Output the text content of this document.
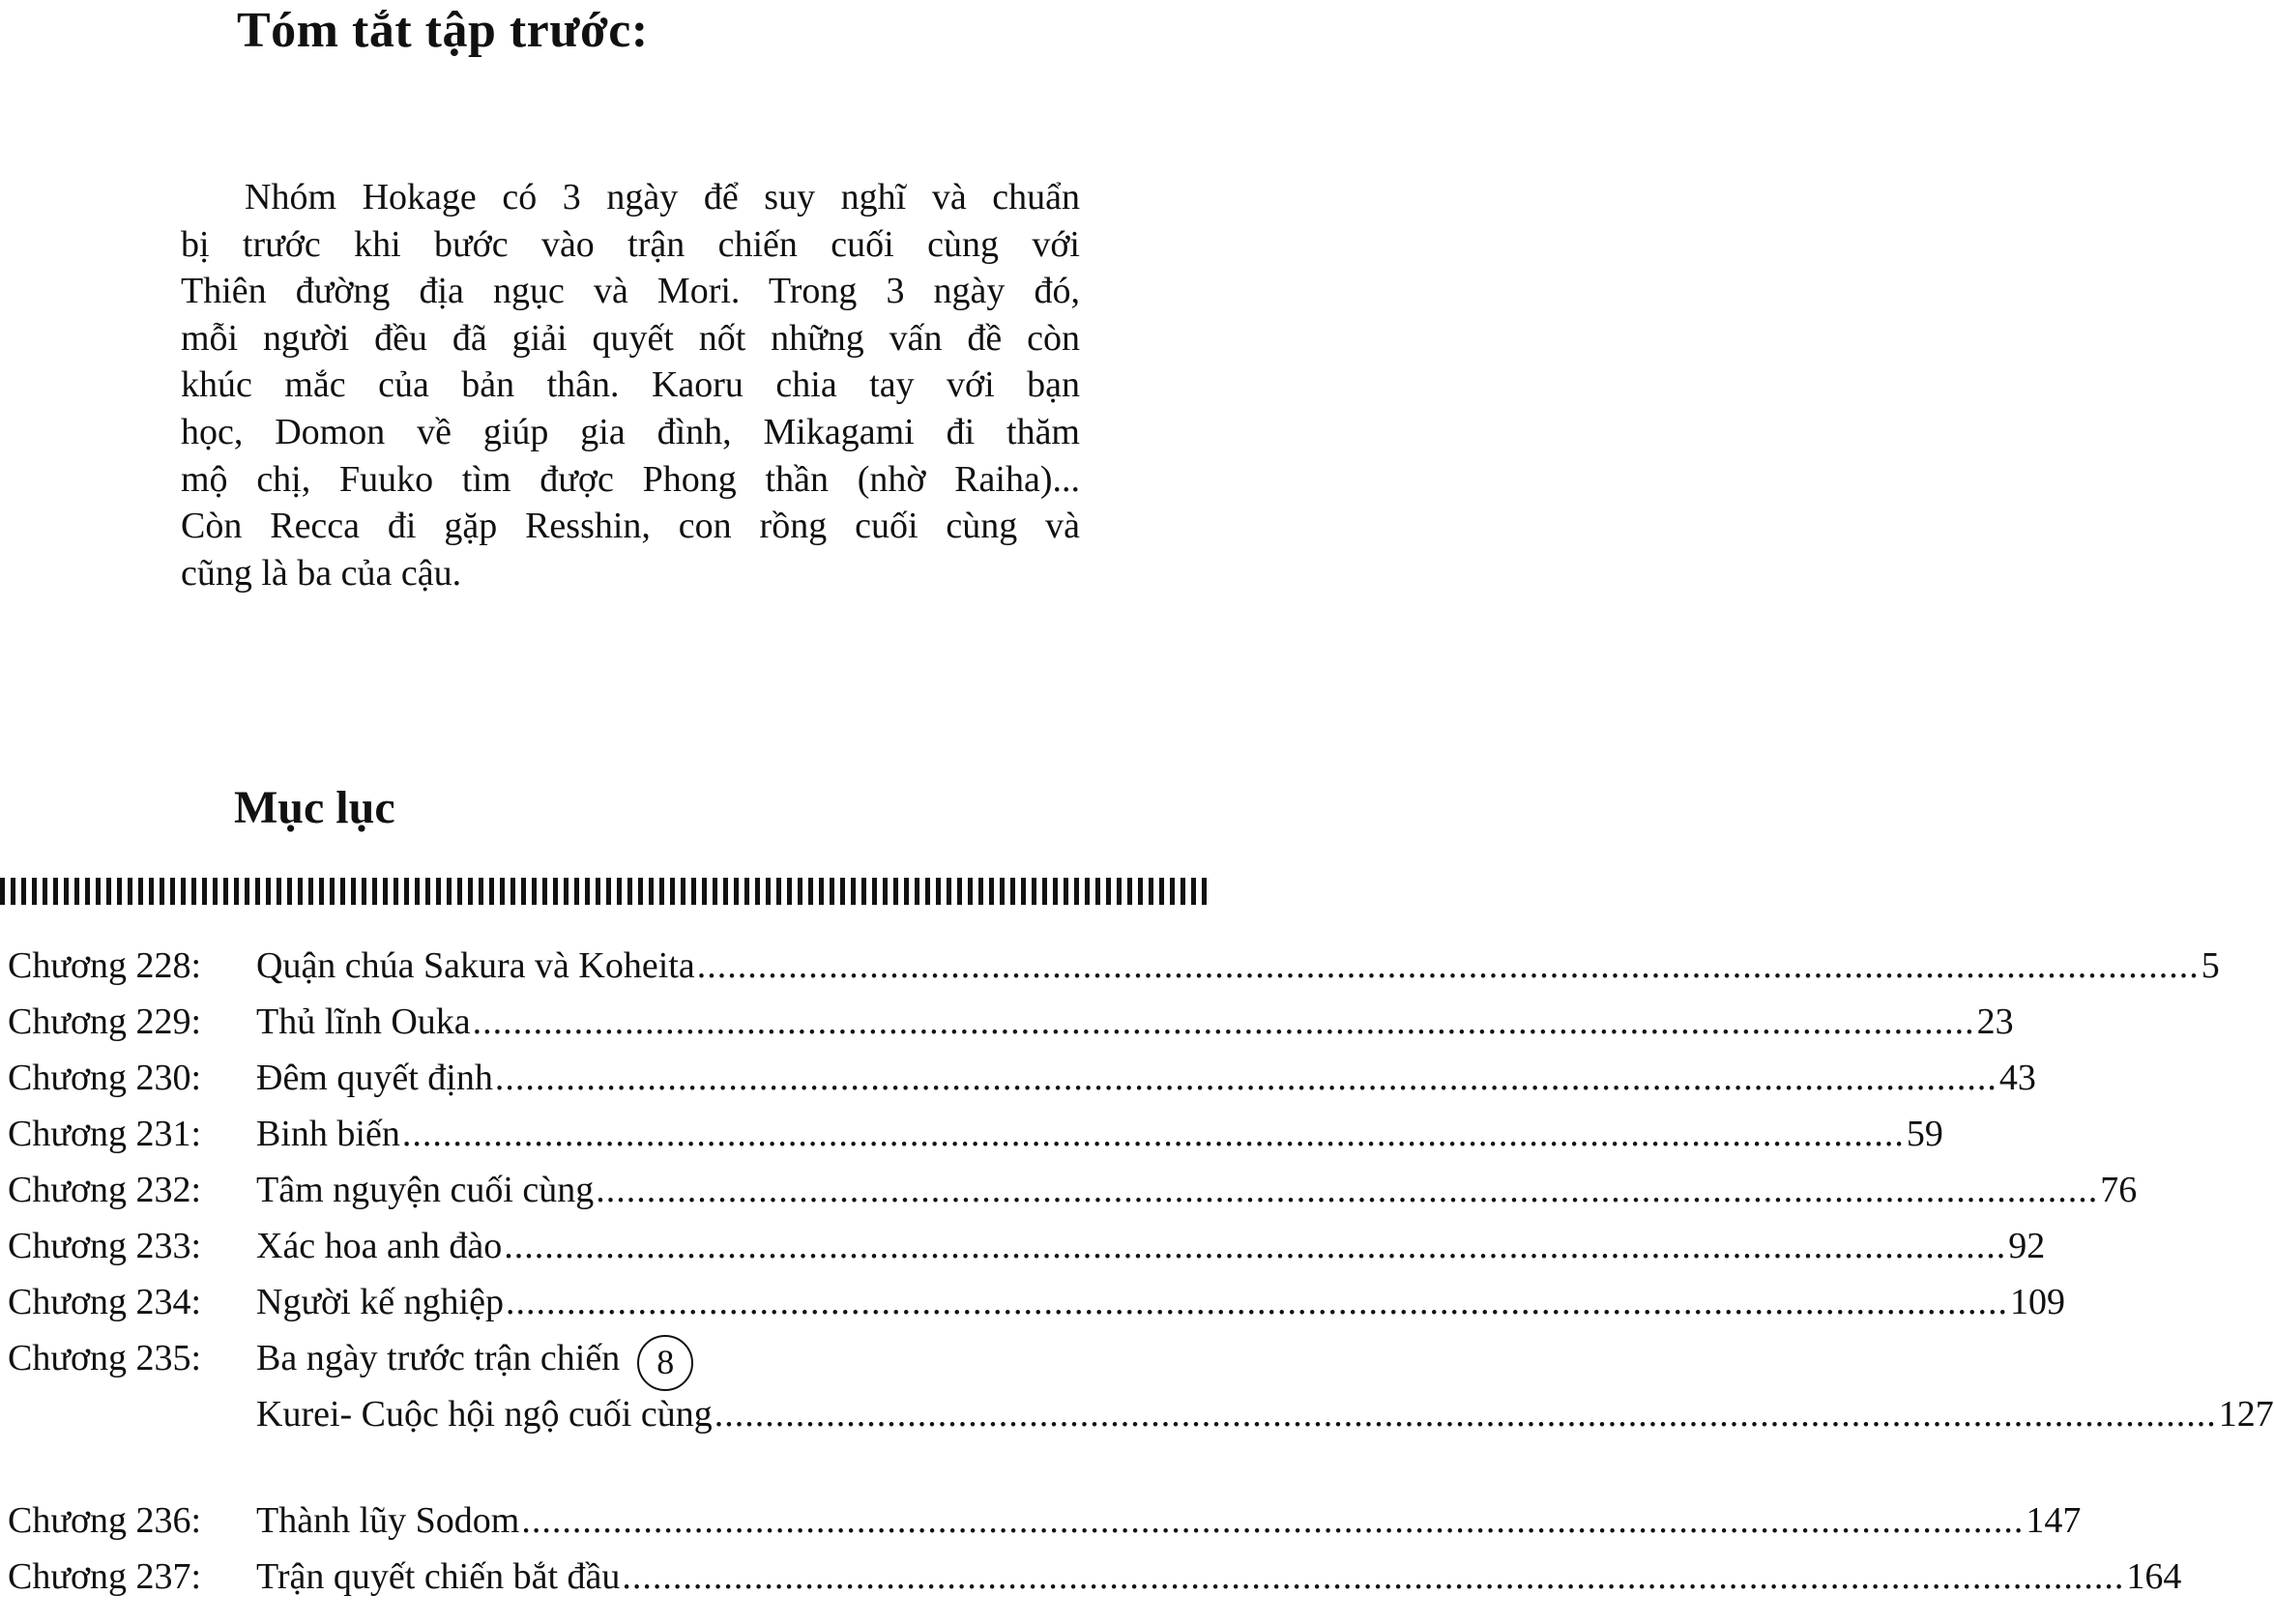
Tóm tắt tập trước:
Nhóm Hokage có 3 ngày để suy nghĩ và chuẩn
bị trước khi bước vào trận chiến cuối cùng với
Thiên đường địa ngục và Mori. Trong 3 ngày đó,
mỗi người đều đã giải quyết nốt những vấn đề còn
khúc mắc của bản thân. Kaoru chia tay với bạn
học, Domon về giúp gia đình, Mikagami đi thăm
mộ chị, Fuuko tìm được Phong thần (nhờ Raiha)...
Còn Recca đi gặp Resshin, con rồng cuối cùng và
cũng là ba của cậu.
Mục lục
Chương 228:	Quận chúa Sakura và Koheita .................................................................................................................................................... 5
Chương 229:	Thủ lĩnh Ouka .................................................................................................................................................... 23
Chương 230:	Đêm quyết định .................................................................................................................................................... 43
Chương 231:	Binh biến .................................................................................................................................................... 59
Chương 232:	Tâm nguyện cuối cùng .................................................................................................................................................... 76
Chương 233:	Xác hoa anh đào .................................................................................................................................................... 92
Chương 234:	Người kế nghiệp .................................................................................................................................................... 109
Chương 235:	Ba ngày trước trận chiến	8
Kurei- Cuộc hội ngộ cuối cùng .................................................................................................................................................... 127
Chương 236:	Thành lũy Sodom .................................................................................................................................................... 147
Chương 237:	Trận quyết chiến bắt đầu .................................................................................................................................................... 164
